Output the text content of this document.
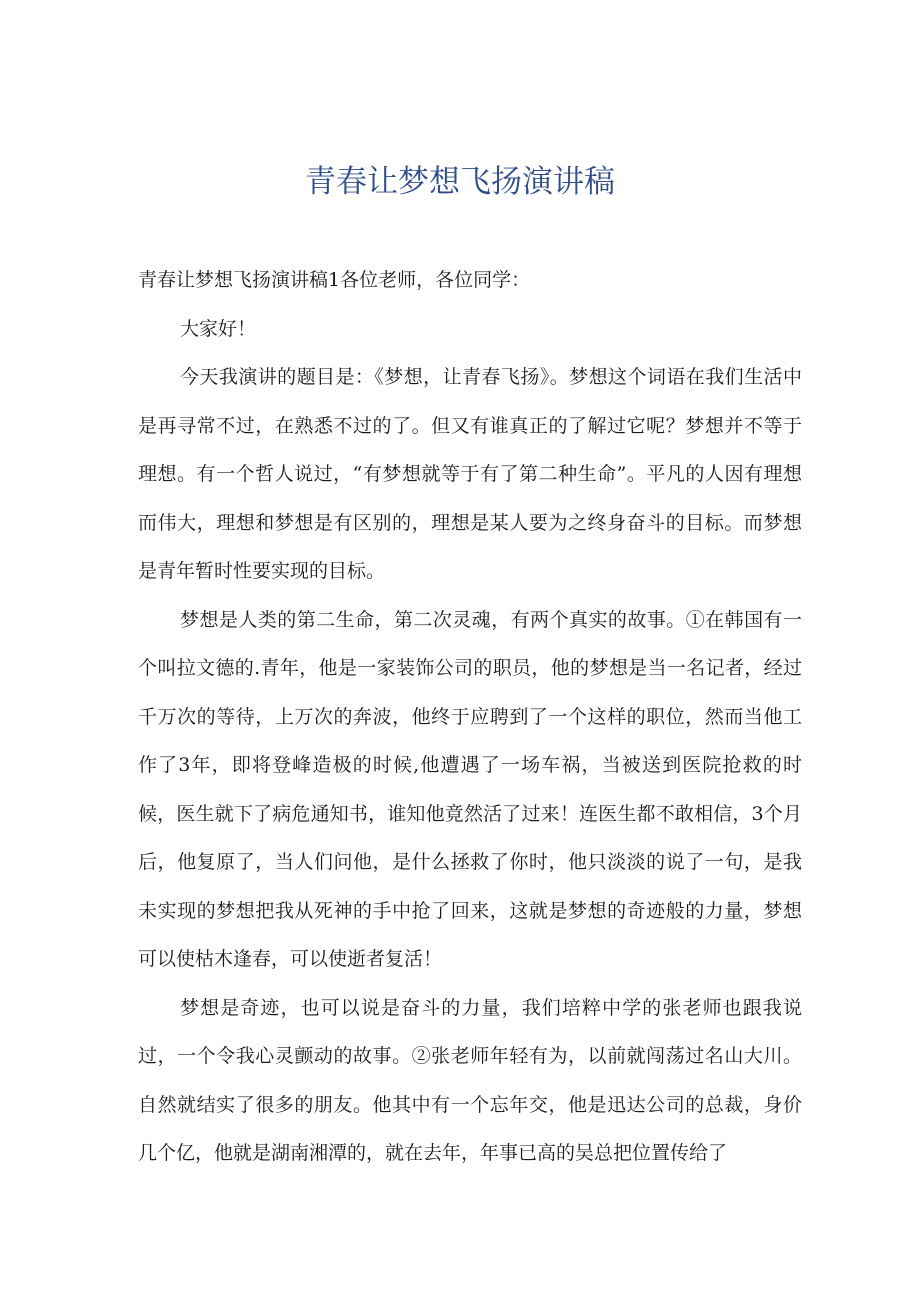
青春让梦想飞扬演讲稿

青春让梦想飞扬演讲稿1各位老师，各位同学：

大家好！

今天我演讲的题目是：《梦想，让青春飞扬》。梦想这个词语在我们生活中是再寻常不过，在熟悉不过的了。但又有谁真正的了解过它呢？梦想并不等于理想。有一个哲人说过，“有梦想就等于有了第二种生命”。平凡的人因有理想而伟大，理想和梦想是有区别的，理想是某人要为之终身奋斗的目标。而梦想是青年暂时性要实现的目标。

梦想是人类的第二生命，第二次灵魂，有两个真实的故事。①在韩国有一个叫拉文德的.青年，他是一家装饰公司的职员，他的梦想是当一名记者，经过千万次的等待，上万次的奔波，他终于应聘到了一个这样的职位，然而当他工作了3年，即将登峰造极的时候,他遭遇了一场车祸，当被送到医院抢救的时候，医生就下了病危通知书，谁知他竟然活了过来！连医生都不敢相信，3个月后，他复原了，当人们问他，是什么拯救了你时，他只淡淡的说了一句，是我未实现的梦想把我从死神的手中抢了回来，这就是梦想的奇迹般的力量，梦想可以使枯木逢春，可以使逝者复活！

梦想是奇迹，也可以说是奋斗的力量，我们培粹中学的张老师也跟我说过，一个令我心灵颤动的故事。②张老师年轻有为，以前就闯荡过名山大川。自然就结实了很多的朋友。他其中有一个忘年交，他是迅达公司的总裁，身价几个亿，他就是湖南湘潭的，就在去年，年事已高的吴总把位置传给了
